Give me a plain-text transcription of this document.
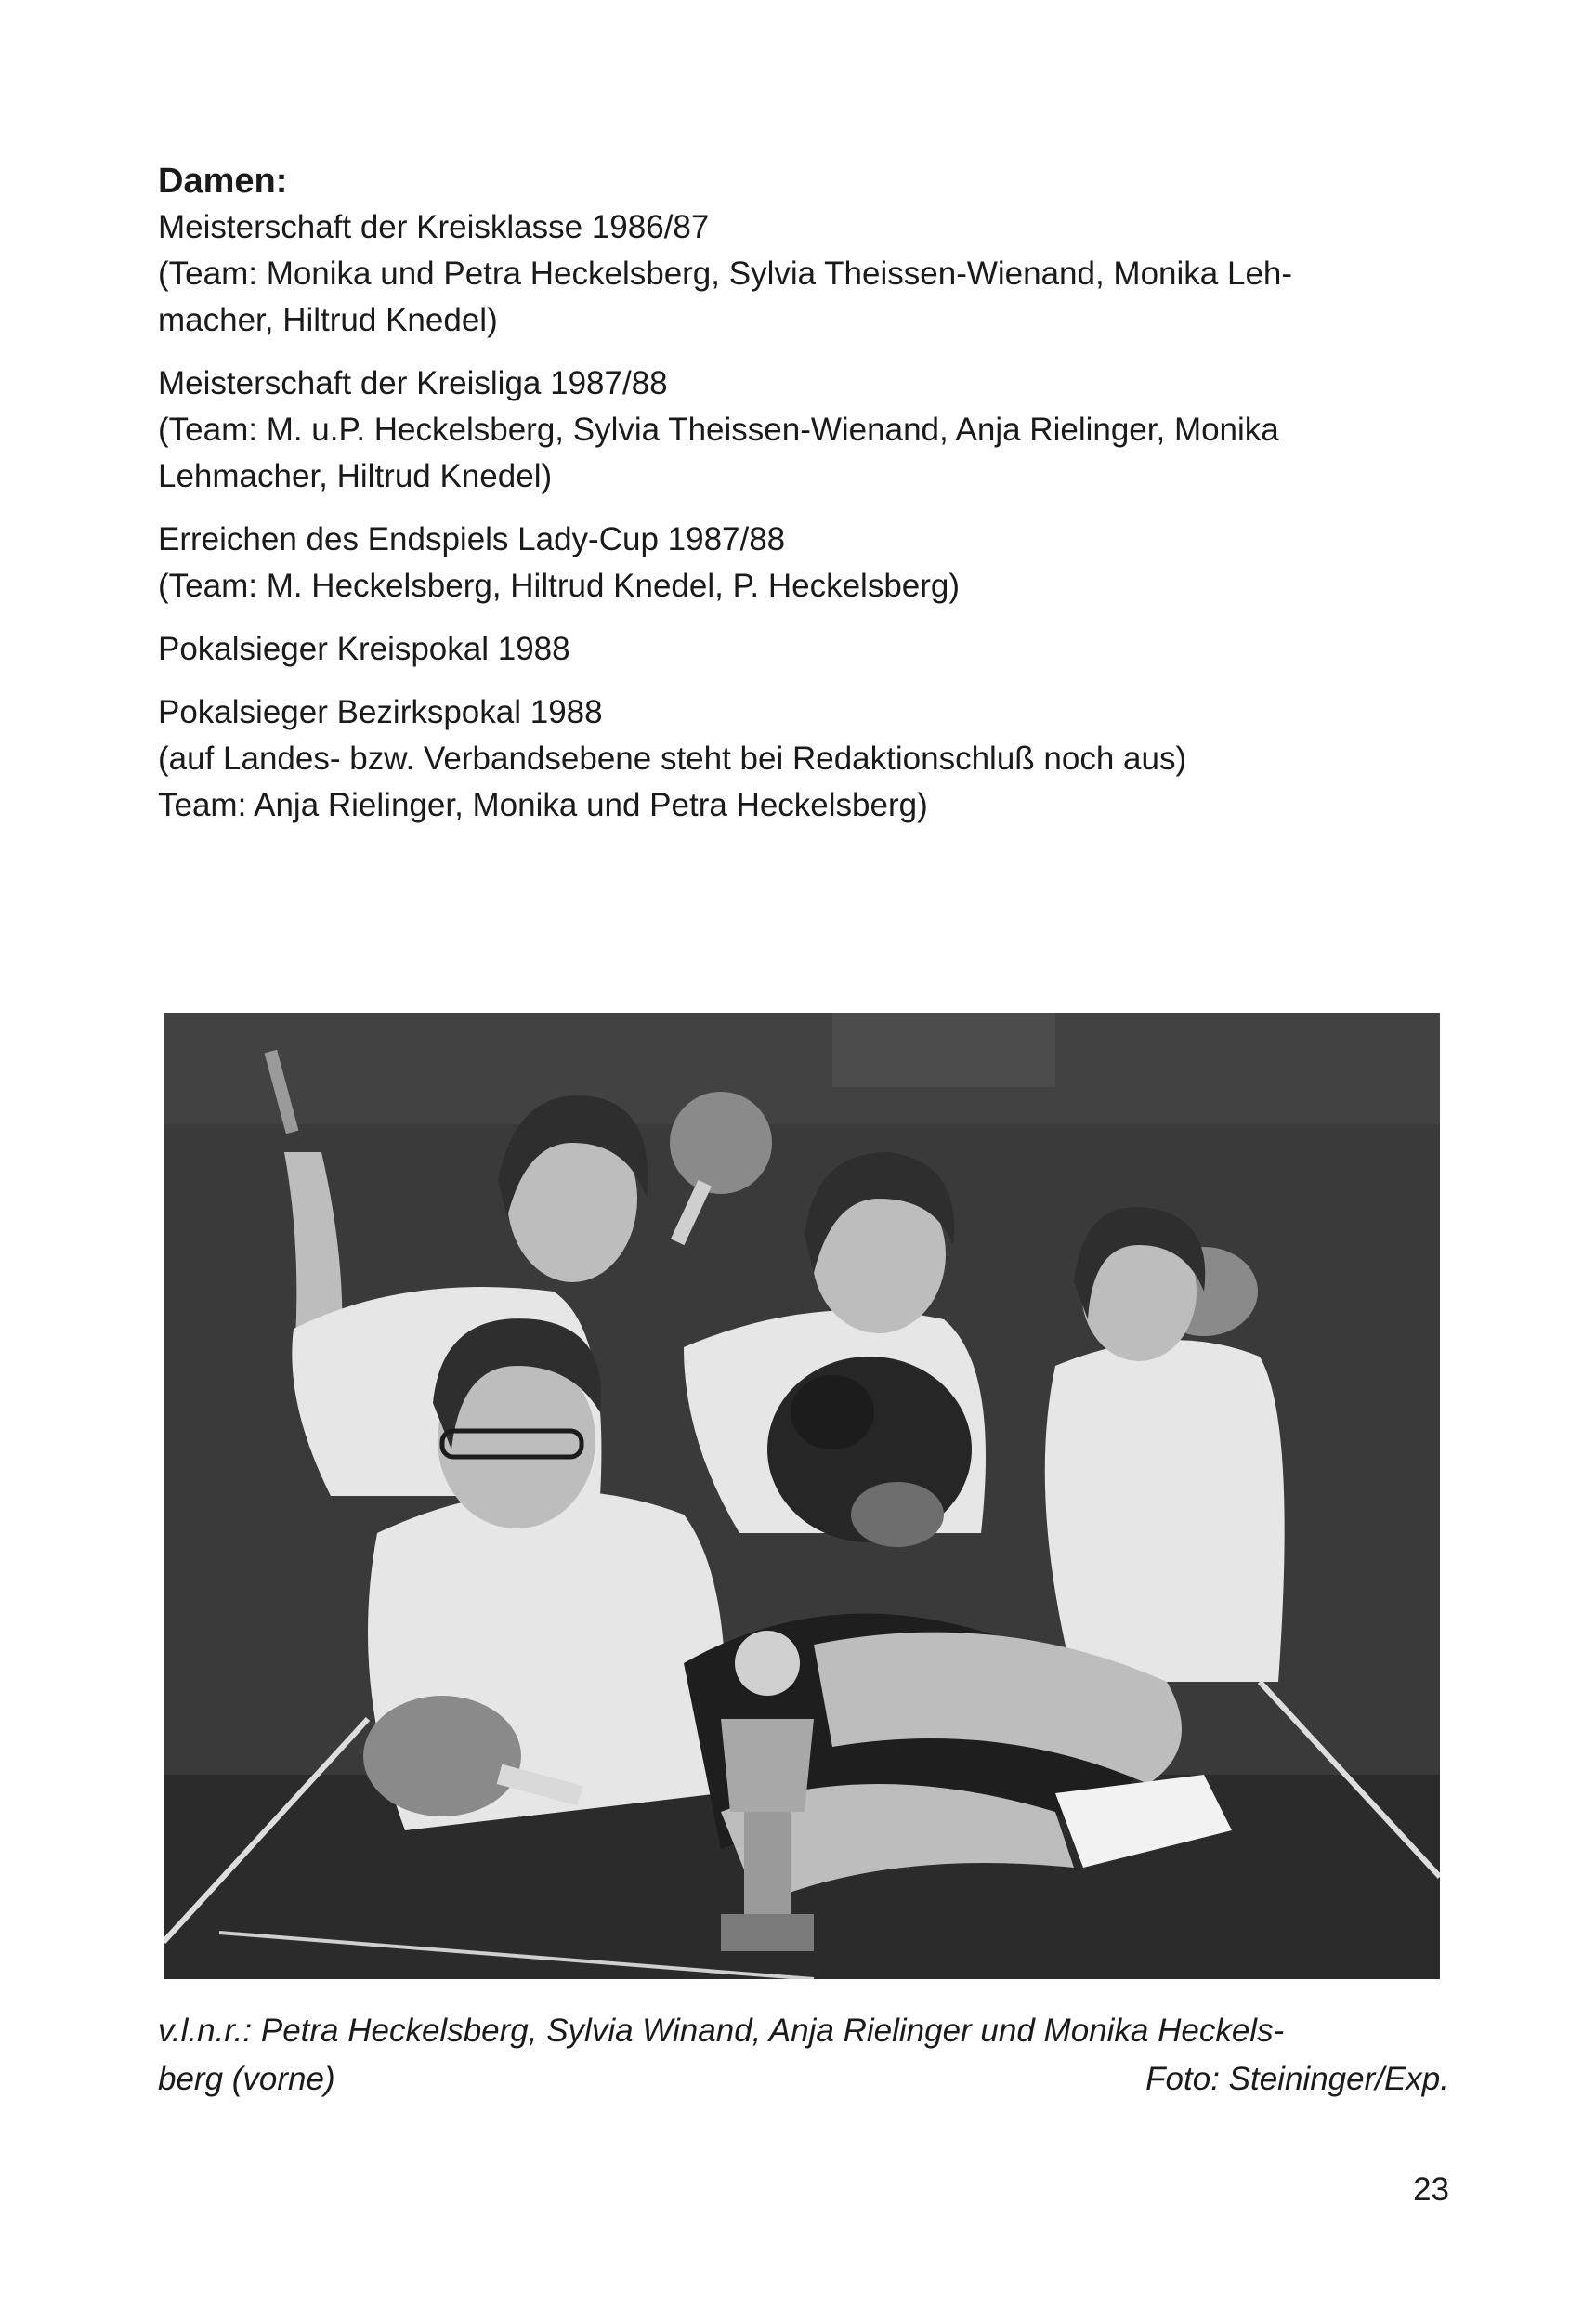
Damen:

Meisterschaft der Kreisklasse 1986/87
(Team: Monika und Petra Heckelsberg, Sylvia Theissen-Wienand, Monika Leh-
macher, Hiltrud Knedel)
Meisterschaft der Kreisliga 1987/88
(Team: M. u.P. Heckelsberg, Sylvia Theissen-Wienand, Anja Rielinger, Monika
Lehmacher, Hiltrud Knedel)
Erreichen des Endspiels Lady-Cup 1987/88
(Team: M. Heckelsberg, Hiltrud Knedel, P. Heckelsberg)
Pokalsieger Kreispokal 1988
Pokalsieger Bezirkspokal 1988
(auf Landes- bzw. Verbandsebene steht bei Redaktionschluß noch aus)
Team: Anja Rielinger, Monika und Petra Heckelsberg)
v.l.n.r.: Petra Heckelsberg, Sylvia Winand, Anja Rielinger und Monika Heckels-
berg (vorne)	Foto: Steininger/Exp.
23
